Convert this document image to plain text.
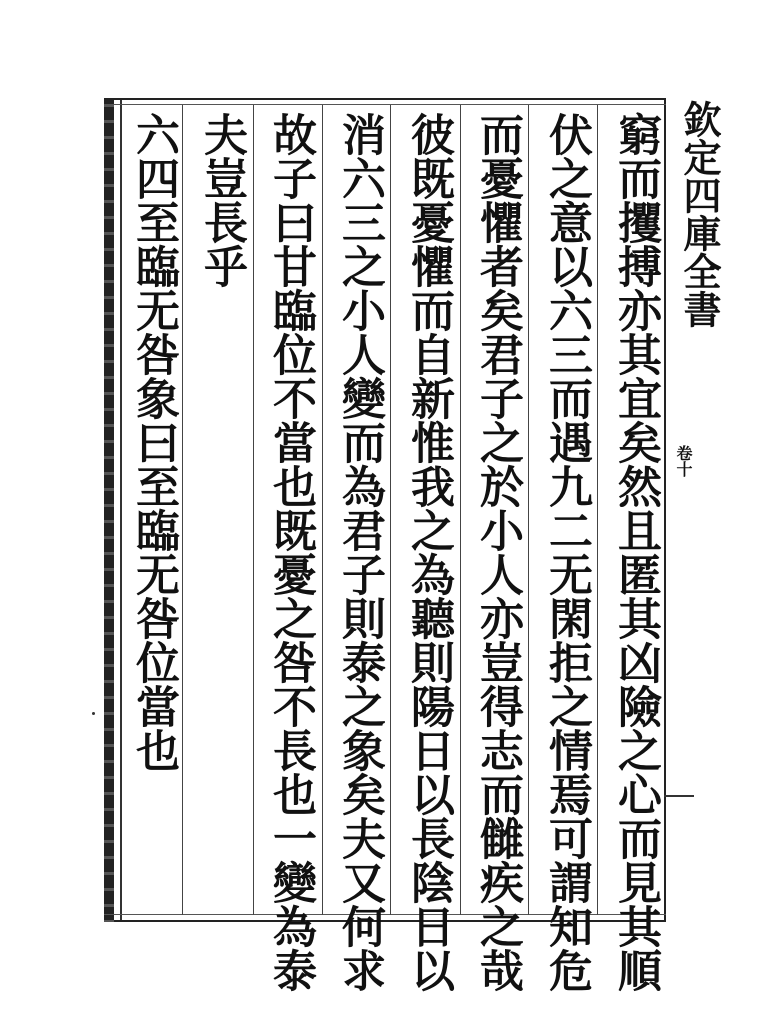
欽定四庫全書
卷十
窮而攫搏亦其宜矣然且匿其凶險之心而見其順
伏之意以六三而遇九二无閑拒之情焉可謂知危
而憂懼者矣君子之於小人亦豈得志而雠疾之哉
彼既憂懼而自新惟我之為聽則陽日以長陰日以
消六三之小人變而為君子則泰之象矣夫又何求
故子曰甘臨位不當也既憂之咎不長也一變為泰
夫豈長乎
六四至臨无咎象曰至臨无咎位當也
